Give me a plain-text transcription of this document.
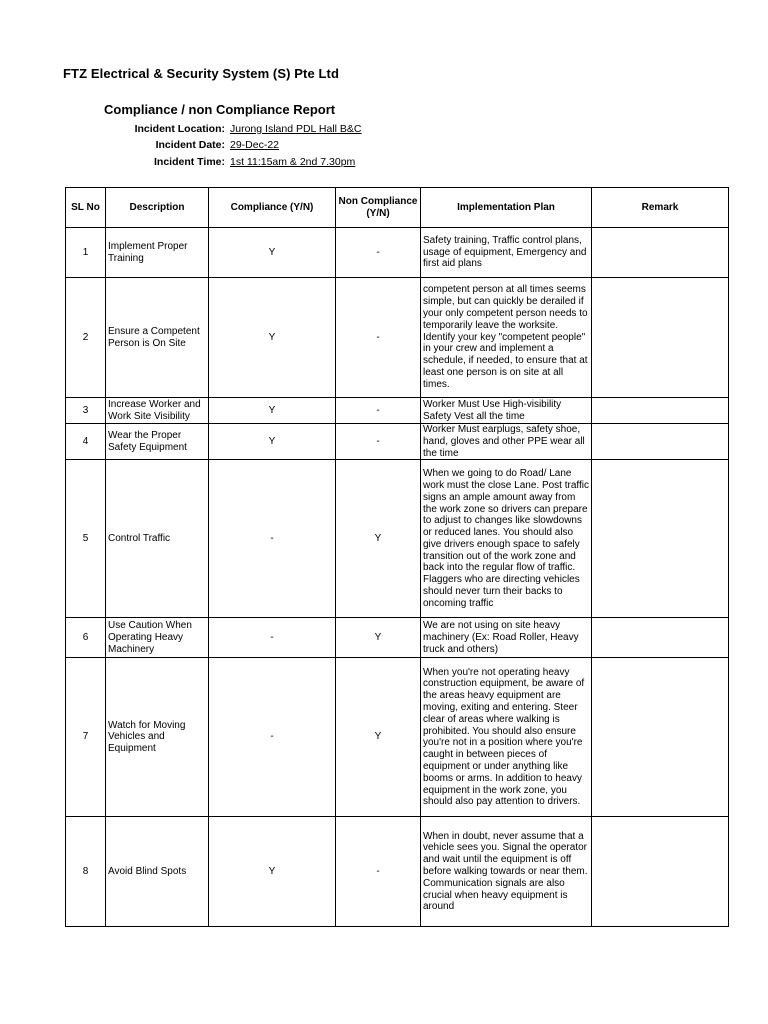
FTZ Electrical & Security System (S) Pte Ltd
Compliance / non Compliance Report
Incident Location: Jurong Island PDL Hall B&C
Incident Date: 29-Dec-22
Incident Time: 1st 11:15am & 2nd 7.30pm
SL No	Description	Compliance (Y/N)	Non Compliance (Y/N)	Implementation Plan	Remark
1	Implement Proper Training	Y	-	Safety training, Traffic control plans, usage of equipment, Emergency and first aid plans	
2	Ensure a Competent Person is On Site	Y	-	competent person at all times seems simple, but can quickly be derailed if your only competent person needs to temporarily leave the worksite. Identify your key "competent people" in your crew and implement a schedule, if needed, to ensure that at least one person is on site at all times.	
3	Increase Worker and Work Site Visibility	Y	-	Worker Must Use High-visibility Safety Vest all the time	
4	Wear the Proper Safety Equipment	Y	-	Worker Must earplugs, safety shoe, hand, gloves and other PPE wear all the time	
5	Control Traffic	-	Y	When we going to do Road/ Lane work must the close Lane. Post traffic signs an ample amount away from the work zone so drivers can prepare to adjust to changes like slowdowns or reduced lanes. You should also give drivers enough space to safely transition out of the work zone and back into the regular flow of traffic. Flaggers who are directing vehicles should never turn their backs to oncoming traffic	
6	Use Caution When Operating Heavy Machinery	-	Y	We are not using on site heavy machinery (Ex: Road Roller, Heavy truck and others)	
7	Watch for Moving Vehicles and Equipment	-	Y	When you're not operating heavy construction equipment, be aware of the areas heavy equipment are moving, exiting and entering. Steer clear of areas where walking is prohibited. You should also ensure you're not in a position where you're caught in between pieces of equipment or under anything like booms or arms. In addition to heavy equipment in the work zone, you should also pay attention to drivers.	
8	Avoid Blind Spots	Y	-	When in doubt, never assume that a vehicle sees you. Signal the operator and wait until the equipment is off before walking towards or near them. Communication signals are also crucial when heavy equipment is around	
